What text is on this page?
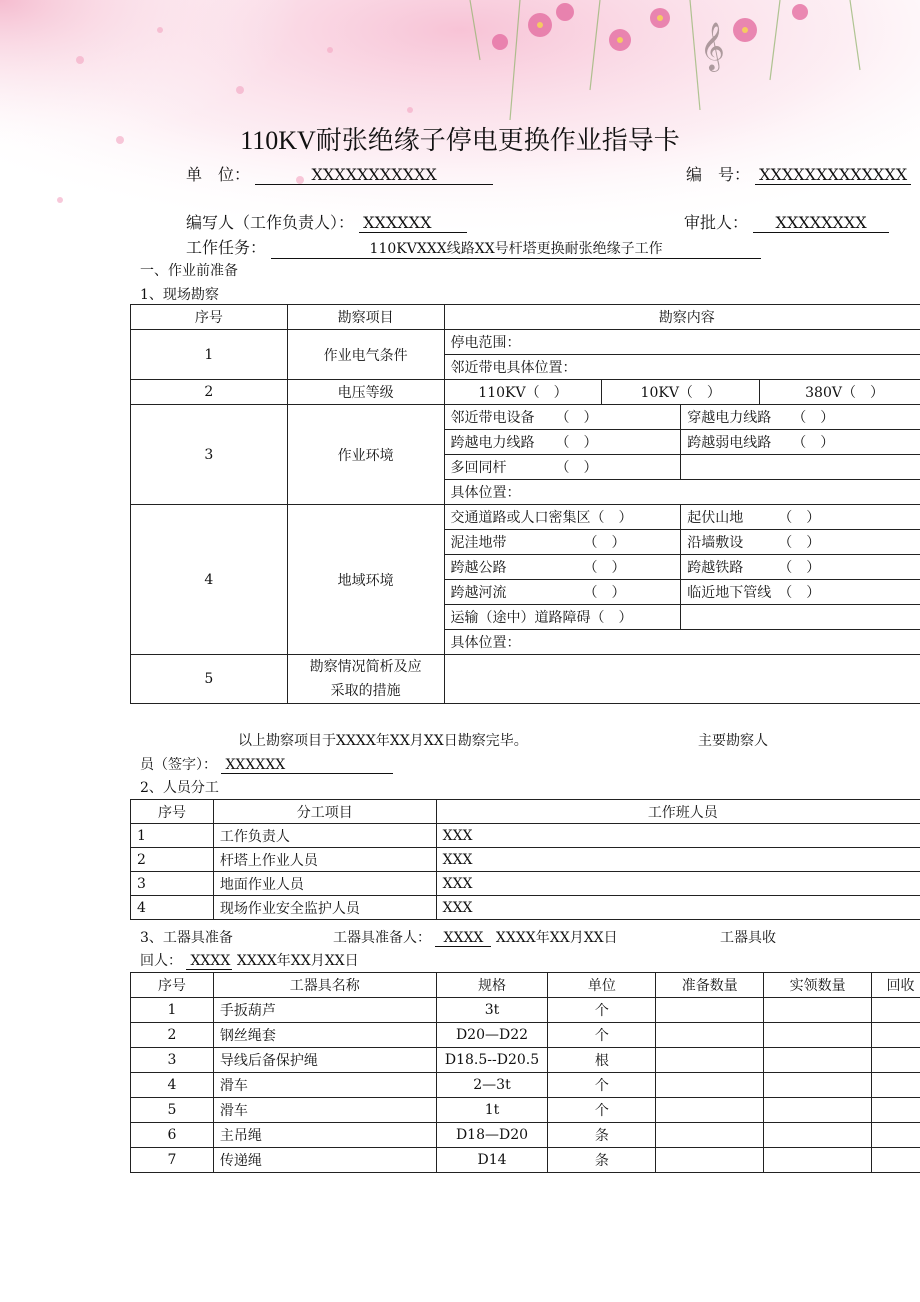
𝄞
110KV耐张绝缘子停电更换作业指导卡
单　位：	XXXXXXXXXXX	编　号： XXXXXXXXXXXXX
编写人（工作负责人）： XXXXXX	审批人： XXXXXXXX
工作任务：	110KVXXX线路XX号杆塔更换耐张绝缘子工作
一、作业前准备
1、现场勘察
序号	勘察项目	勘察内容			
1	作业电气条件	停电范围：			
		邻近带电具体位置：			
2	电压等级	110KV（　）	10KV（　）		380V（　）
3	作业环境	邻近带电设备　　（　）		穿越电力线路　　（　）	
		跨越电力线路　　（　）		跨越弱电线路　　（　）	
		多回同杆　　　　（　）			
		具体位置：			
4	地域环境	交通道路或人口密集区（　）		起伏山地　　　（　）	
		泥洼地带　　　　　　（　）		沿墙敷设　　　（　）	
		跨越公路　　　　　　（　）		跨越铁路　　　（　）	
		跨越河流　　　　　　（　）		临近地下管线　（　）	
		运输（途中）道路障碍（　）			
		具体位置：			
5	勘察情况简析及应
采取的措施				

以上勘察项目于XXXX年XX月XX日勘察完毕。	主要勘察人
员（签字）： XXXXXX
2、人员分工
序号	分工项目	工作班人员
1	工作负责人	XXX
2	杆塔上作业人员	XXX
3	地面作业人员	XXX
4	现场作业安全监护人员	XXX
3、工器具准备	工器具准备人： XXXX XXXX年XX月XX日	工器具收
回人： XXXX XXXX年XX月XX日
序号	工器具名称	规格	单位	准备数量	实领数量	回收
1	手扳葫芦	3t	个			
2	钢丝绳套	D20—D22	个			
3	导线后备保护绳	D18.5--D20.5	根			
4	滑车	2—3t	个			
5	滑车	1t	个			
6	主吊绳	D18—D20	条			
7	传递绳	D14	条			
